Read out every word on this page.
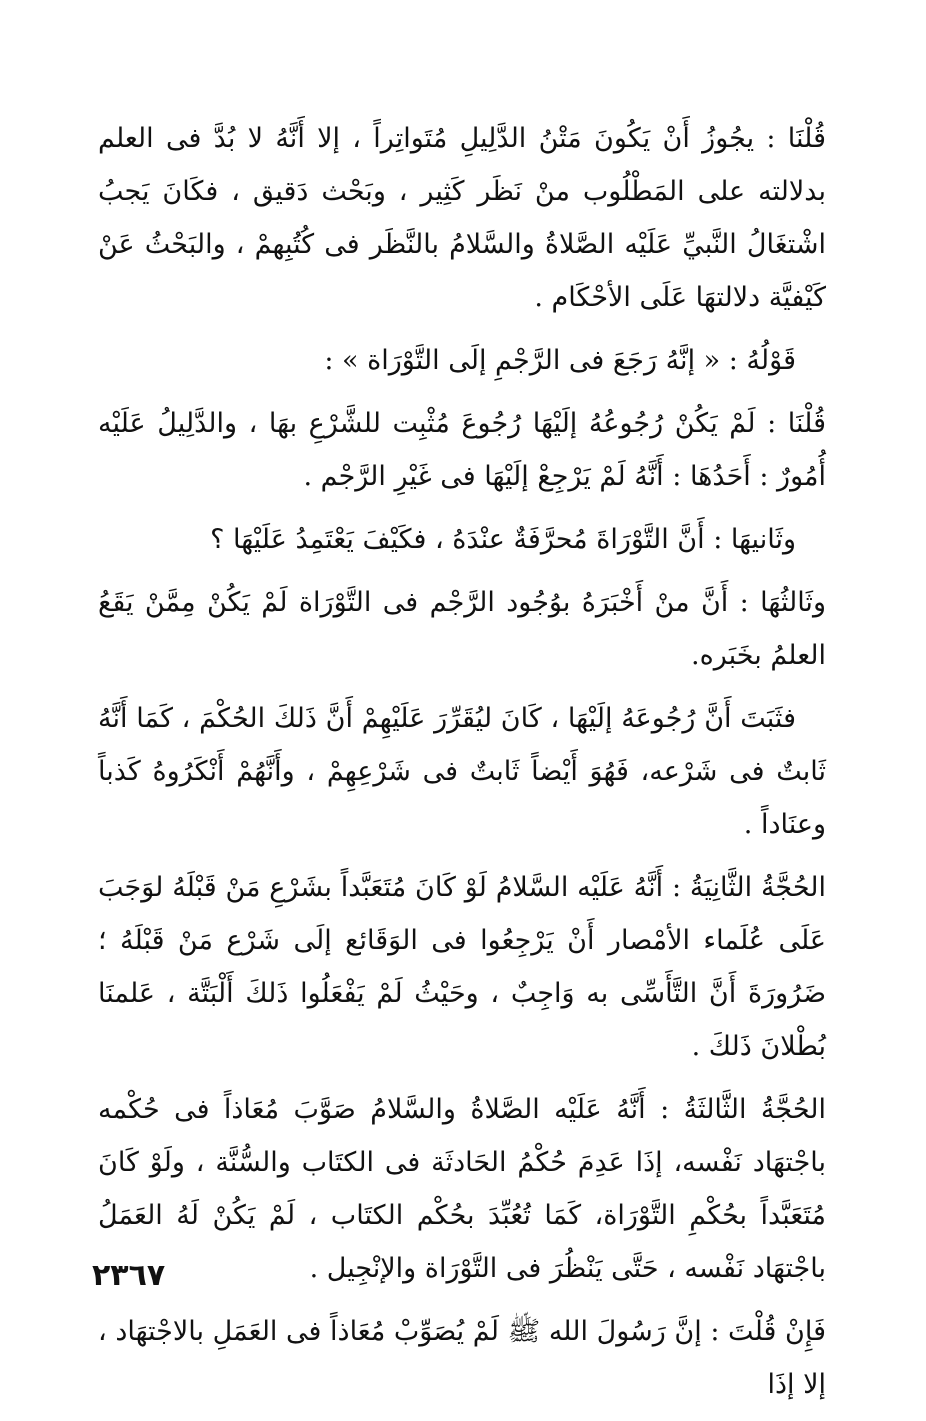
قُلْنَا : يجُوزُ أَنْ يَكُونَ مَتْنُ الدَّلِيلِ مُتَواتِراً ، إلا أَنَّهُ لا بُدَّ فى العلم بدلالته على المَطْلُوب منْ نَظَر كَثِير ، وبَحْث دَقيق ، فكَانَ يَجبُ اشْتغَالُ النَّبيِّ عَلَيْه الصَّلاةُ والسَّلامُ بالنَّظَر فى كُتُبِهمْ ، والبَحْثُ عَنْ كَيْفيَّة دلالتهَا عَلَى الأحْكَام .

قَوْلُهُ : « إنَّهُ رَجَعَ فى الرَّجْمِ إلَى التَّوْرَاة » :

قُلْنَا : لَمْ يَكُنْ رُجُوعُهُ إلَيْهَا رُجُوعَ مُثْبِت للشَّرْعِ بهَا ، والدَّلِيلُ عَلَيْه أُمُورٌ : أَحَدُهَا : أَنَّهُ لَمْ يَرْجِعْ إلَيْهَا فى غَيْرِ الرَّجْم .

وثَانيهَا : أَنَّ التَّوْرَاةَ مُحرَّفَةٌ عنْدَهُ ، فكَيْفَ يَعْتَمِدُ عَلَيْهَا ؟

وثَالثُهَا : أَنَّ منْ أَخْبَرَهُ بوُجُود الرَّجْم فى التَّوْرَاة لَمْ يَكُنْ مِمَّنْ يَقَعُ العلمُ بخَبَره.

فثَبَتَ أَنَّ رُجُوعَهُ إلَيْهَا ، كَانَ ليُقَرِّرَ عَلَيْهِمْ أَنَّ ذَلكَ الحُكْمَ ، كَمَا أَنَّهُ ثَابتٌ فى شَرْعه، فَهُوَ أَيْضاً ثَابتٌ فى شَرْعِهِمْ ، وأَنَّهُمْ أَنْكَرُوهُ كَذباً وعنَاداً .

الحُجَّةُ الثَّانِيَةُ : أَنَّهُ عَلَيْه السَّلامُ لَوْ كَانَ مُتَعَبَّداً بشَرْعِ مَنْ قَبْلَهُ لوَجَبَ عَلَى عُلَماء الأمْصار أَنْ يَرْجِعُوا فى الوَقَائع إلَى شَرْع مَنْ قَبْلَهُ ؛ ضَرُورَةَ أَنَّ التَّأَسِّى به وَاجِبٌ ، وحَيْثُ لَمْ يَفْعَلُوا ذَلكَ أَلْبَتَّة ، عَلمنَا بُطْلانَ ذَلكَ .

الحُجَّةُ الثَّالثَةُ : أَنَّهُ عَلَيْه الصَّلاةُ والسَّلامُ صَوَّبَ مُعَاذاً فى حُكْمه باجْتهَاد نَفْسه، إذَا عَدِمَ حُكْمُ الحَادثَة فى الكتَاب والسُّنَّة ، ولَوْ كَانَ مُتَعَبَّداً بحُكْمِ التَّوْرَاة، كَمَا تُعُبِّدَ بحُكْم الكتَاب ، لَمْ يَكُنْ لَهُ العَمَلُ باجْتهَاد نَفْسه ، حَتَّى يَنْظُرَ فى التَّوْرَاة والإنْجِيل .

فَإِنْ قُلْتَ : إنَّ رَسُولَ الله ﷺ لَمْ يُصَوِّبْ مُعَاذاً فى العَمَلِ بالاجْتهَاد ، إلا إذَا

٢٣٦٧
